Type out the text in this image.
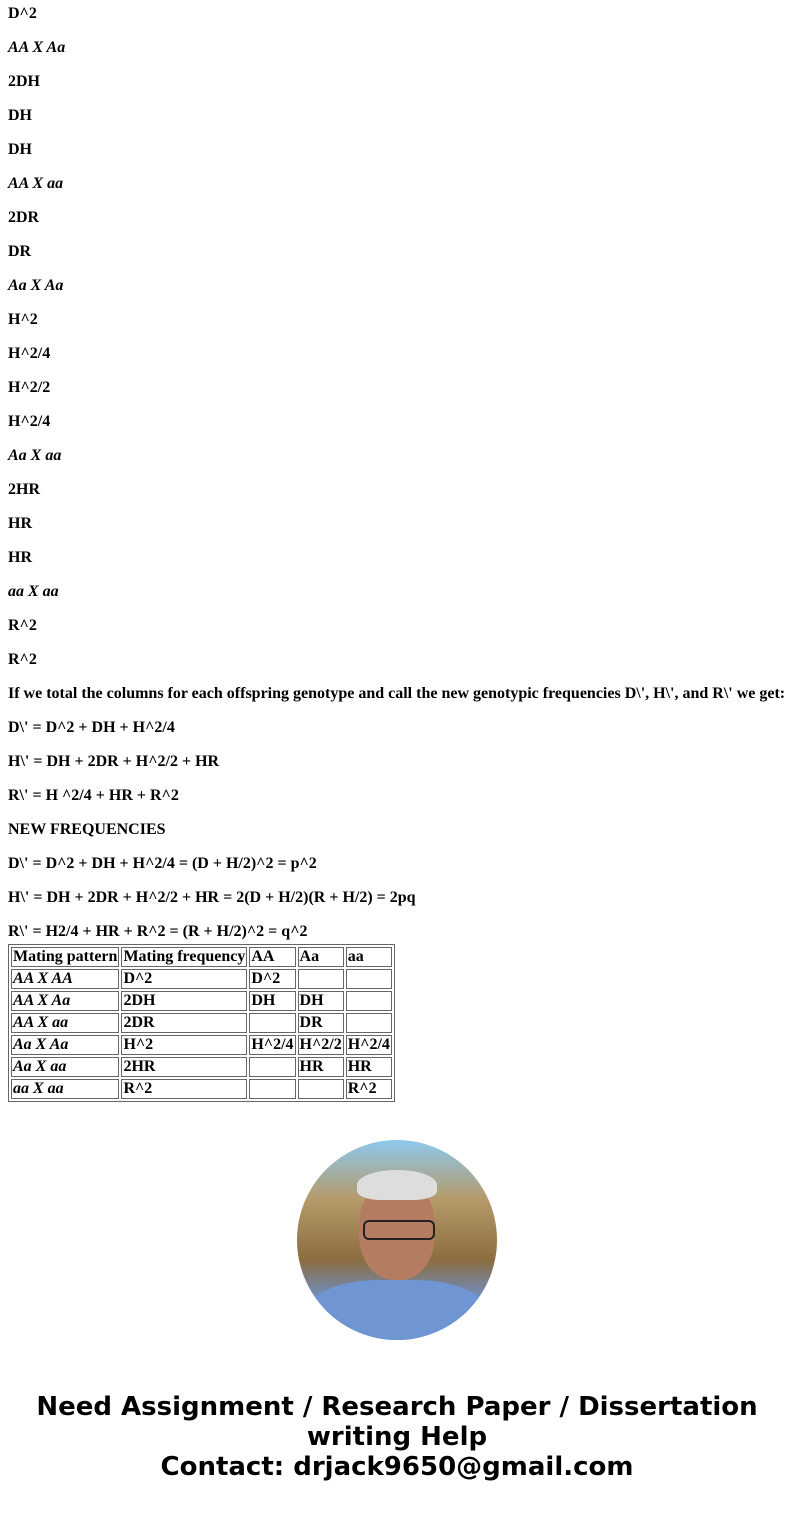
D^2

AA X Aa

2DH

DH

DH

AA X aa

2DR

DR

Aa X Aa

H^2

H^2/4

H^2/2

H^2/4

Aa X aa

2HR

HR

HR

aa X aa

R^2

R^2

If we total the columns for each offspring genotype and call the new genotypic frequencies D\', H\', and R\' we get:

D\' = D^2 + DH + H^2/4

H\' = DH + 2DR + H^2/2 + HR

R\' = H ^2/4 + HR + R^2

NEW FREQUENCIES

D\' = D^2 + DH + H^2/4 = (D + H/2)^2 = p^2

H\' = DH + 2DR + H^2/2 + HR = 2(D + H/2)(R + H/2) = 2pq

R\' = H2/4 + HR + R^2 = (R + H/2)^2 = q^2

Mating pattern	Mating frequency	AA	Aa	aa
AA X AA	D^2	D^2		
AA X Aa	2DH	DH	DH	
AA X aa	2DR		DR	
Aa X Aa	H^2	H^2/4	H^2/2	H^2/4
Aa X aa	2HR		HR	HR
aa X aa	R^2			R^2
Need Assignment / Research Paper / Dissertation writing Help
Contact: drjack9650@gmail.com
